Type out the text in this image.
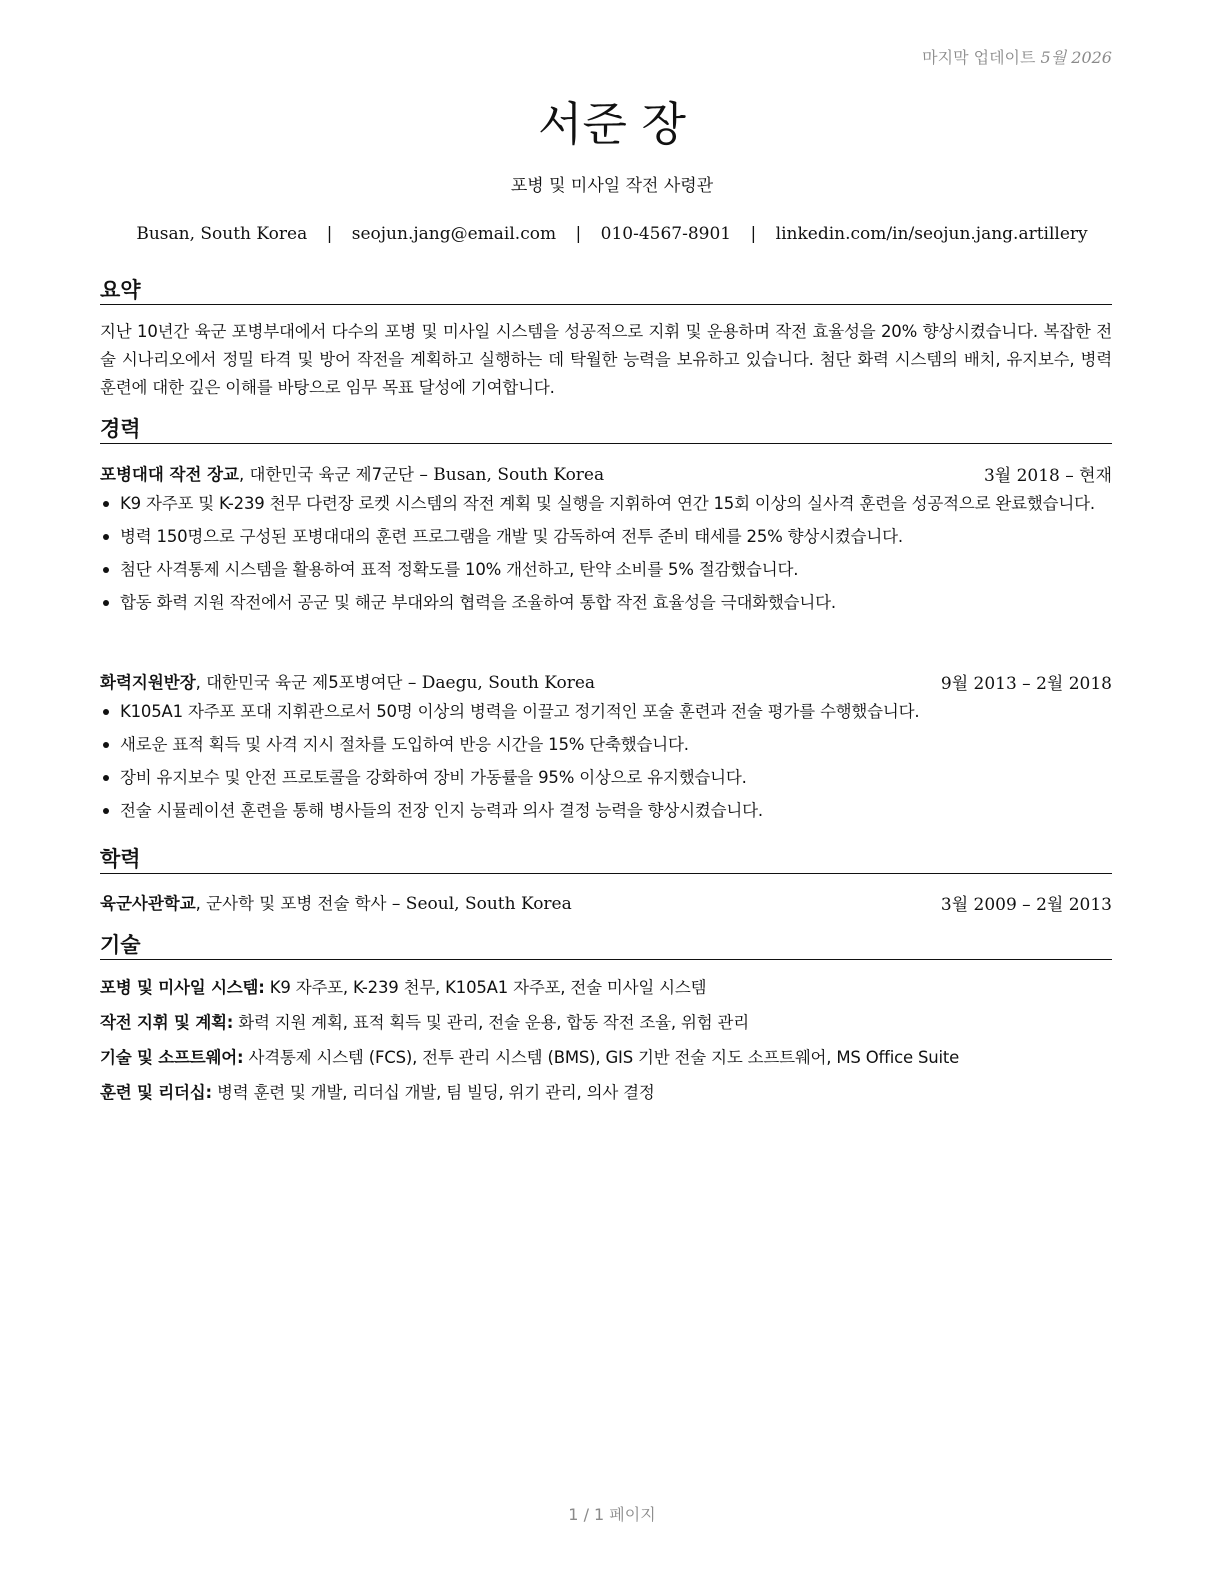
마지막 업데이트 5월 2026
서준 장
포병 및 미사일 작전 사령관
Busan, South Korea | seojun.jang@email.com | 010-4567-8901 | linkedin.com/in/seojun.jang.artillery
요약
지난 10년간 육군 포병부대에서 다수의 포병 및 미사일 시스템을 성공적으로 지휘 및 운용하며 작전 효율성을 20% 향상시켰습니다. 복잡한 전술 시나리오에서 정밀 타격 및 방어 작전을 계획하고 실행하는 데 탁월한 능력을 보유하고 있습니다. 첨단 화력 시스템의 배치, 유지보수, 병력 훈련에 대한 깊은 이해를 바탕으로 임무 목표 달성에 기여합니다.
경력
포병대대 작전 장교, 대한민국 육군 제7군단 – Busan, South Korea	3월 2018 – 현재
K9 자주포 및 K-239 천무 다련장 로켓 시스템의 작전 계획 및 실행을 지휘하여 연간 15회 이상의 실사격 훈련을 성공적으로 완료했습니다.
병력 150명으로 구성된 포병대대의 훈련 프로그램을 개발 및 감독하여 전투 준비 태세를 25% 향상시켰습니다.
첨단 사격통제 시스템을 활용하여 표적 정확도를 10% 개선하고, 탄약 소비를 5% 절감했습니다.
합동 화력 지원 작전에서 공군 및 해군 부대와의 협력을 조율하여 통합 작전 효율성을 극대화했습니다.
화력지원반장, 대한민국 육군 제5포병여단 – Daegu, South Korea	9월 2013 – 2월 2018
K105A1 자주포 포대 지휘관으로서 50명 이상의 병력을 이끌고 정기적인 포술 훈련과 전술 평가를 수행했습니다.
새로운 표적 획득 및 사격 지시 절차를 도입하여 반응 시간을 15% 단축했습니다.
장비 유지보수 및 안전 프로토콜을 강화하여 장비 가동률을 95% 이상으로 유지했습니다.
전술 시뮬레이션 훈련을 통해 병사들의 전장 인지 능력과 의사 결정 능력을 향상시켰습니다.
학력
육군사관학교, 군사학 및 포병 전술 학사 – Seoul, South Korea	3월 2009 – 2월 2013
기술
포병 및 미사일 시스템: K9 자주포, K-239 천무, K105A1 자주포, 전술 미사일 시스템
작전 지휘 및 계획: 화력 지원 계획, 표적 획득 및 관리, 전술 운용, 합동 작전 조율, 위험 관리
기술 및 소프트웨어: 사격통제 시스템 (FCS), 전투 관리 시스템 (BMS), GIS 기반 전술 지도 소프트웨어, MS Office Suite
훈련 및 리더십: 병력 훈련 및 개발, 리더십 개발, 팀 빌딩, 위기 관리, 의사 결정
1 / 1 페이지
